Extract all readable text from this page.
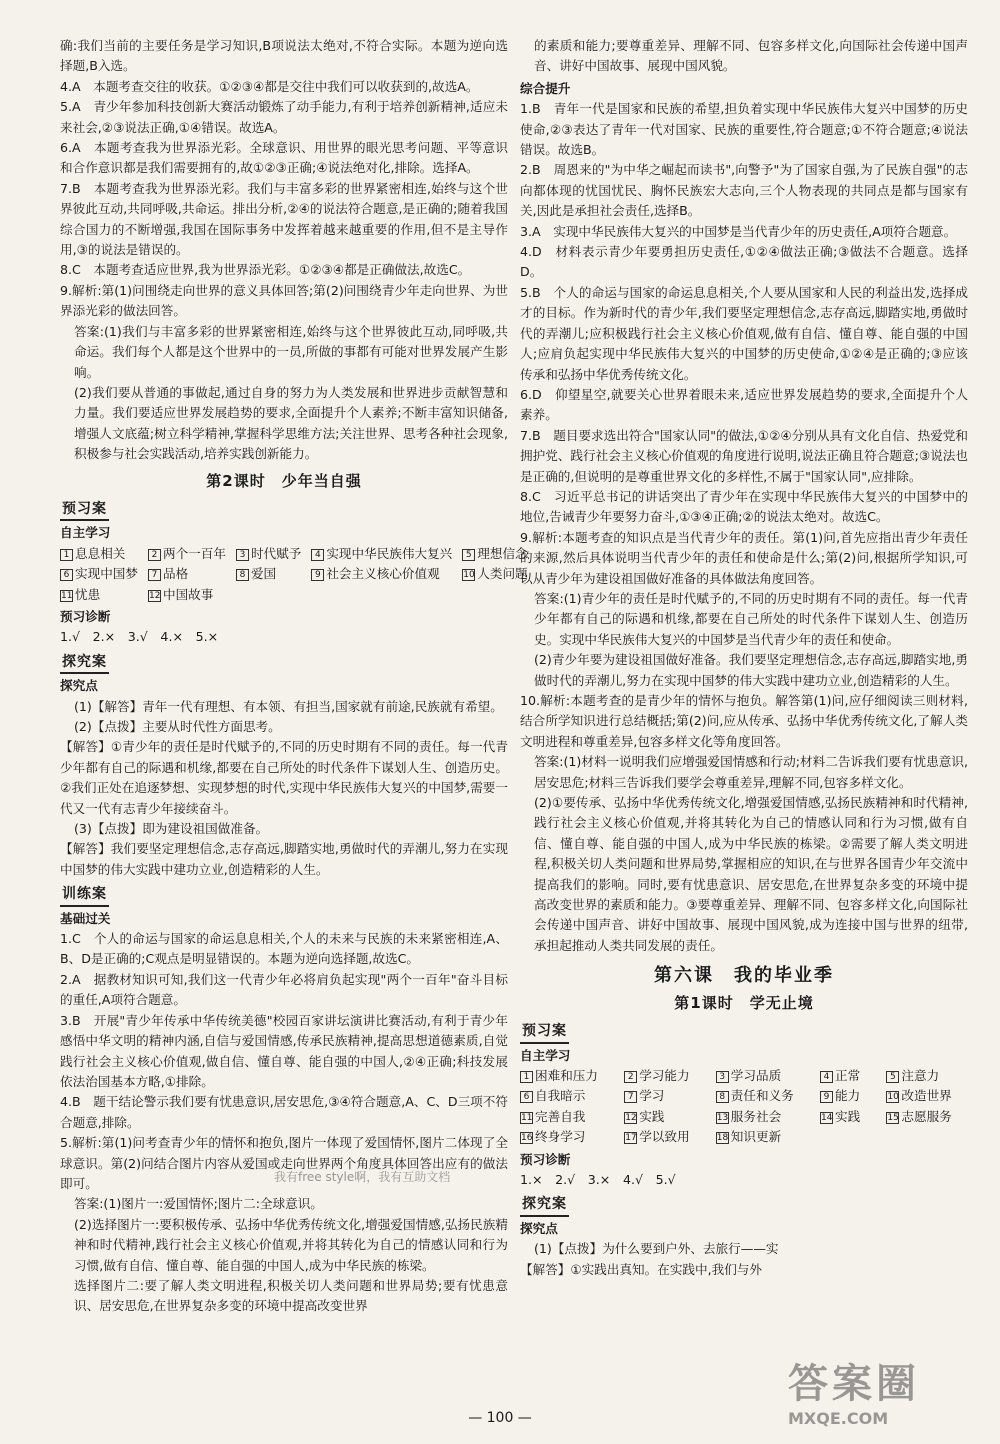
确:我们当前的主要任务是学习知识,B项说法太绝对,不符合实际。本题为逆向选择题,B入选。

4.A　本题考查交往的收获。①②③④都是交往中我们可以收获到的,故选A。

5.A　青少年参加科技创新大赛活动锻炼了动手能力,有利于培养创新精神,适应未来社会,②③说法正确,①④错误。故选A。

6.A　本题考查我为世界添光彩。全球意识、用世界的眼光思考问题、平等意识和合作意识都是我们需要拥有的,故①②③正确;④说法绝对化,排除。选择A。

7.B　本题考查我为世界添光彩。我们与丰富多彩的世界紧密相连,始终与这个世界彼此互动,共同呼吸,共命运。排出分析,②④的说法符合题意,是正确的;随着我国综合国力的不断增强,我国在国际事务中发挥着越来越重要的作用,但不是主导作用,③的说法是错误的。

8.C　本题考查适应世界,我为世界添光彩。①②③④都是正确做法,故选C。

9.解析:第(1)问围绕走向世界的意义具体回答;第(2)问围绕青少年走向世界、为世界添光彩的做法回答。

答案:(1)我们与丰富多彩的世界紧密相连,始终与这个世界彼此互动,同呼吸,共命运。我们每个人都是这个世界中的一员,所做的事都有可能对世界发展产生影响。

(2)我们要从普通的事做起,通过自身的努力为人类发展和世界进步贡献智慧和力量。我们要适应世界发展趋势的要求,全面提升个人素养;不断丰富知识储备,增强人文底蕴;树立科学精神,掌握科学思维方法;关注世界、思考各种社会现象,积极参与社会实践活动,培养实践创新能力。

第2课时　少年当自强
预习案
自主学习
1 息息相关	2 两个一百年	3 时代赋予	4 实现中华民族伟大复兴	5 理想信念
6 实现中国梦	7 品格	8 爱国	9 社会主义核心价值观	10 人类问题
11 忧患	12 中国故事
预习诊断

1.√　2.×　3.√　4.×　5.×

探究案
探究点

(1)【解答】青年一代有理想、有本领、有担当,国家就有前途,民族就有希望。

(2)【点拨】主要从时代性方面思考。

【解答】①青少年的责任是时代赋予的,不同的历史时期有不同的责任。每一代青少年都有自己的际遇和机缘,都要在自己所处的时代条件下谋划人生、创造历史。②我们正处在追逐梦想、实现梦想的时代,实现中华民族伟大复兴的中国梦,需要一代又一代有志青少年接续奋斗。

(3)【点拨】即为建设祖国做准备。

【解答】我们要坚定理想信念,志存高远,脚踏实地,勇做时代的弄潮儿,努力在实现中国梦的伟大实践中建功立业,创造精彩的人生。

训练案
基础过关

1.C　个人的命运与国家的命运息息相关,个人的未来与民族的未来紧密相连,A、B、D是正确的;C观点是明显错误的。本题为逆向选择题,故选C。

2.A　据教材知识可知,我们这一代青少年必将肩负起实现"两个一百年"奋斗目标的重任,A项符合题意。

3.B　开展"青少年传承中华传统美德"校园百家讲坛演讲比赛活动,有利于青少年感悟中华文明的精神内涵,自信与爱国情感,传承民族精神,提高思想道德素质,自觉践行社会主义核心价值观,做自信、懂自尊、能自强的中国人,②④正确;科技发展依法治国基本方略,①排除。

4.B　题干结论警示我们要有忧患意识,居安思危,③④符合题意,A、C、D三项不符合题意,排除。

5.解析:第(1)问考查青少年的情怀和抱负,图片一体现了爱国情怀,图片二体现了全球意识。第(2)问结合图片内容从爱国或走向世界两个角度具体回答出应有的做法即可。

答案:(1)图片一:爱国情怀;图片二:全球意识。

(2)选择图片一:要积极传承、弘扬中华优秀传统文化,增强爱国情感,弘扬民族精神和时代精神,践行社会主义核心价值观,并将其转化为自己的情感认同和行为习惯,做有自信、懂自尊、能自强的中国人,成为中华民族的栋梁。

选择图片二:要了解人类文明进程,积极关切人类问题和世界局势;要有忧患意识、居安思危,在世界复杂多变的环境中提高改变世界

的素质和能力;要尊重差异、理解不同、包容多样文化,向国际社会传递中国声音、讲好中国故事、展现中国风貌。

综合提升

1.B　青年一代是国家和民族的希望,担负着实现中华民族伟大复兴中国梦的历史使命,②③表达了青年一代对国家、民族的重要性,符合题意;①不符合题意;④说法错误。故选B。

2.B　周恩来的"为中华之崛起而读书",向警予"为了国家自强,为了民族自强"的志向都体现的忧国忧民、胸怀民族宏大志向,三个人物表现的共同点是都与国家有关,因此是承担社会责任,选择B。

3.A　实现中华民族伟大复兴的中国梦是当代青少年的历史责任,A项符合题意。

4.D　材料表示青少年要勇担历史责任,①②④做法正确;③做法不合题意。选择D。

5.B　个人的命运与国家的命运息息相关,个人要从国家和人民的利益出发,选择成才的目标。作为新时代的青少年,我们要坚定理想信念,志存高远,脚踏实地,勇做时代的弄潮儿;应积极践行社会主义核心价值观,做有自信、懂自尊、能自强的中国人;应肩负起实现中华民族伟大复兴的中国梦的历史使命,①②④是正确的;③应该传承和弘扬中华优秀传统文化。

6.D　仰望星空,就要关心世界着眼未来,适应世界发展趋势的要求,全面提升个人素养。

7.B　题目要求选出符合"国家认同"的做法,①②④分别从具有文化自信、热爱党和拥护党、践行社会主义核心价值观的角度进行说明,说法正确且符合题意;③说法也是正确的,但说明的是尊重世界文化的多样性,不属于"国家认同",应排除。

8.C　习近平总书记的讲话突出了青少年在实现中华民族伟大复兴的中国梦中的地位,告诫青少年要努力奋斗,①③④正确;②的说法太绝对。故选C。

9.解析:本题考查的知识点是当代青少年的责任。第(1)问,首先应指出青少年责任的来源,然后具体说明当代青少年的责任和使命是什么;第(2)问,根据所学知识,可以从青少年为建设祖国做好准备的具体做法角度回答。

答案:(1)青少年的责任是时代赋予的,不同的历史时期有不同的责任。每一代青少年都有自己的际遇和机缘,都要在自己所处的时代条件下谋划人生、创造历史。实现中华民族伟大复兴的中国梦是当代青少年的责任和使命。

(2)青少年要为建设祖国做好准备。我们要坚定理想信念,志存高远,脚踏实地,勇做时代的弄潮儿,努力在实现中国梦的伟大实践中建功立业,创造精彩的人生。

10.解析:本题考查的是青少年的情怀与抱负。解答第(1)问,应仔细阅读三则材料,结合所学知识进行总结概括;第(2)问,应从传承、弘扬中华优秀传统文化,了解人类文明进程和尊重差异,包容多样文化等角度回答。

答案:(1)材料一说明我们应增强爱国情感和行动;材料二告诉我们要有忧患意识,居安思危;材料三告诉我们要学会尊重差异,理解不同,包容多样文化。

(2)①要传承、弘扬中华优秀传统文化,增强爱国情感,弘扬民族精神和时代精神,践行社会主义核心价值观,并将其转化为自己的情感认同和行为习惯,做有自信、懂自尊、能自强的中国人,成为中华民族的栋梁。②需要了解人类文明进程,积极关切人类问题和世界局势,掌握相应的知识,在与世界各国青少年交流中提高我们的影响。同时,要有忧患意识、居安思危,在世界复杂多变的环境中提高改变世界的素质和能力。③要尊重差异、理解不同、包容多样文化,向国际社会传递中国声音、讲好中国故事、展现中国风貌,成为连接中国与世界的纽带,承担起推动人类共同发展的责任。

第六课　我的毕业季
第1课时　学无止境
预习案
自主学习
1 困难和压力	2 学习能力	3 学习品质	4 正常	5 注意力
6 自我暗示	7 学习	8 责任和义务	9 能力	10 改造世界
11 完善自我	12 实践	13 服务社会	14 实践	15 志愿服务
16 终身学习	17 学以致用	18 知识更新
预习诊断

1.×　2.√　3.×　4.√　5.√

探究案
探究点

(1)【点拨】为什么要到户外、去旅行——实

【解答】①实践出真知。在实践中,我们与外

我有free style啊，我有互助文档
答案圈
MXQE.COM
— 100 —
